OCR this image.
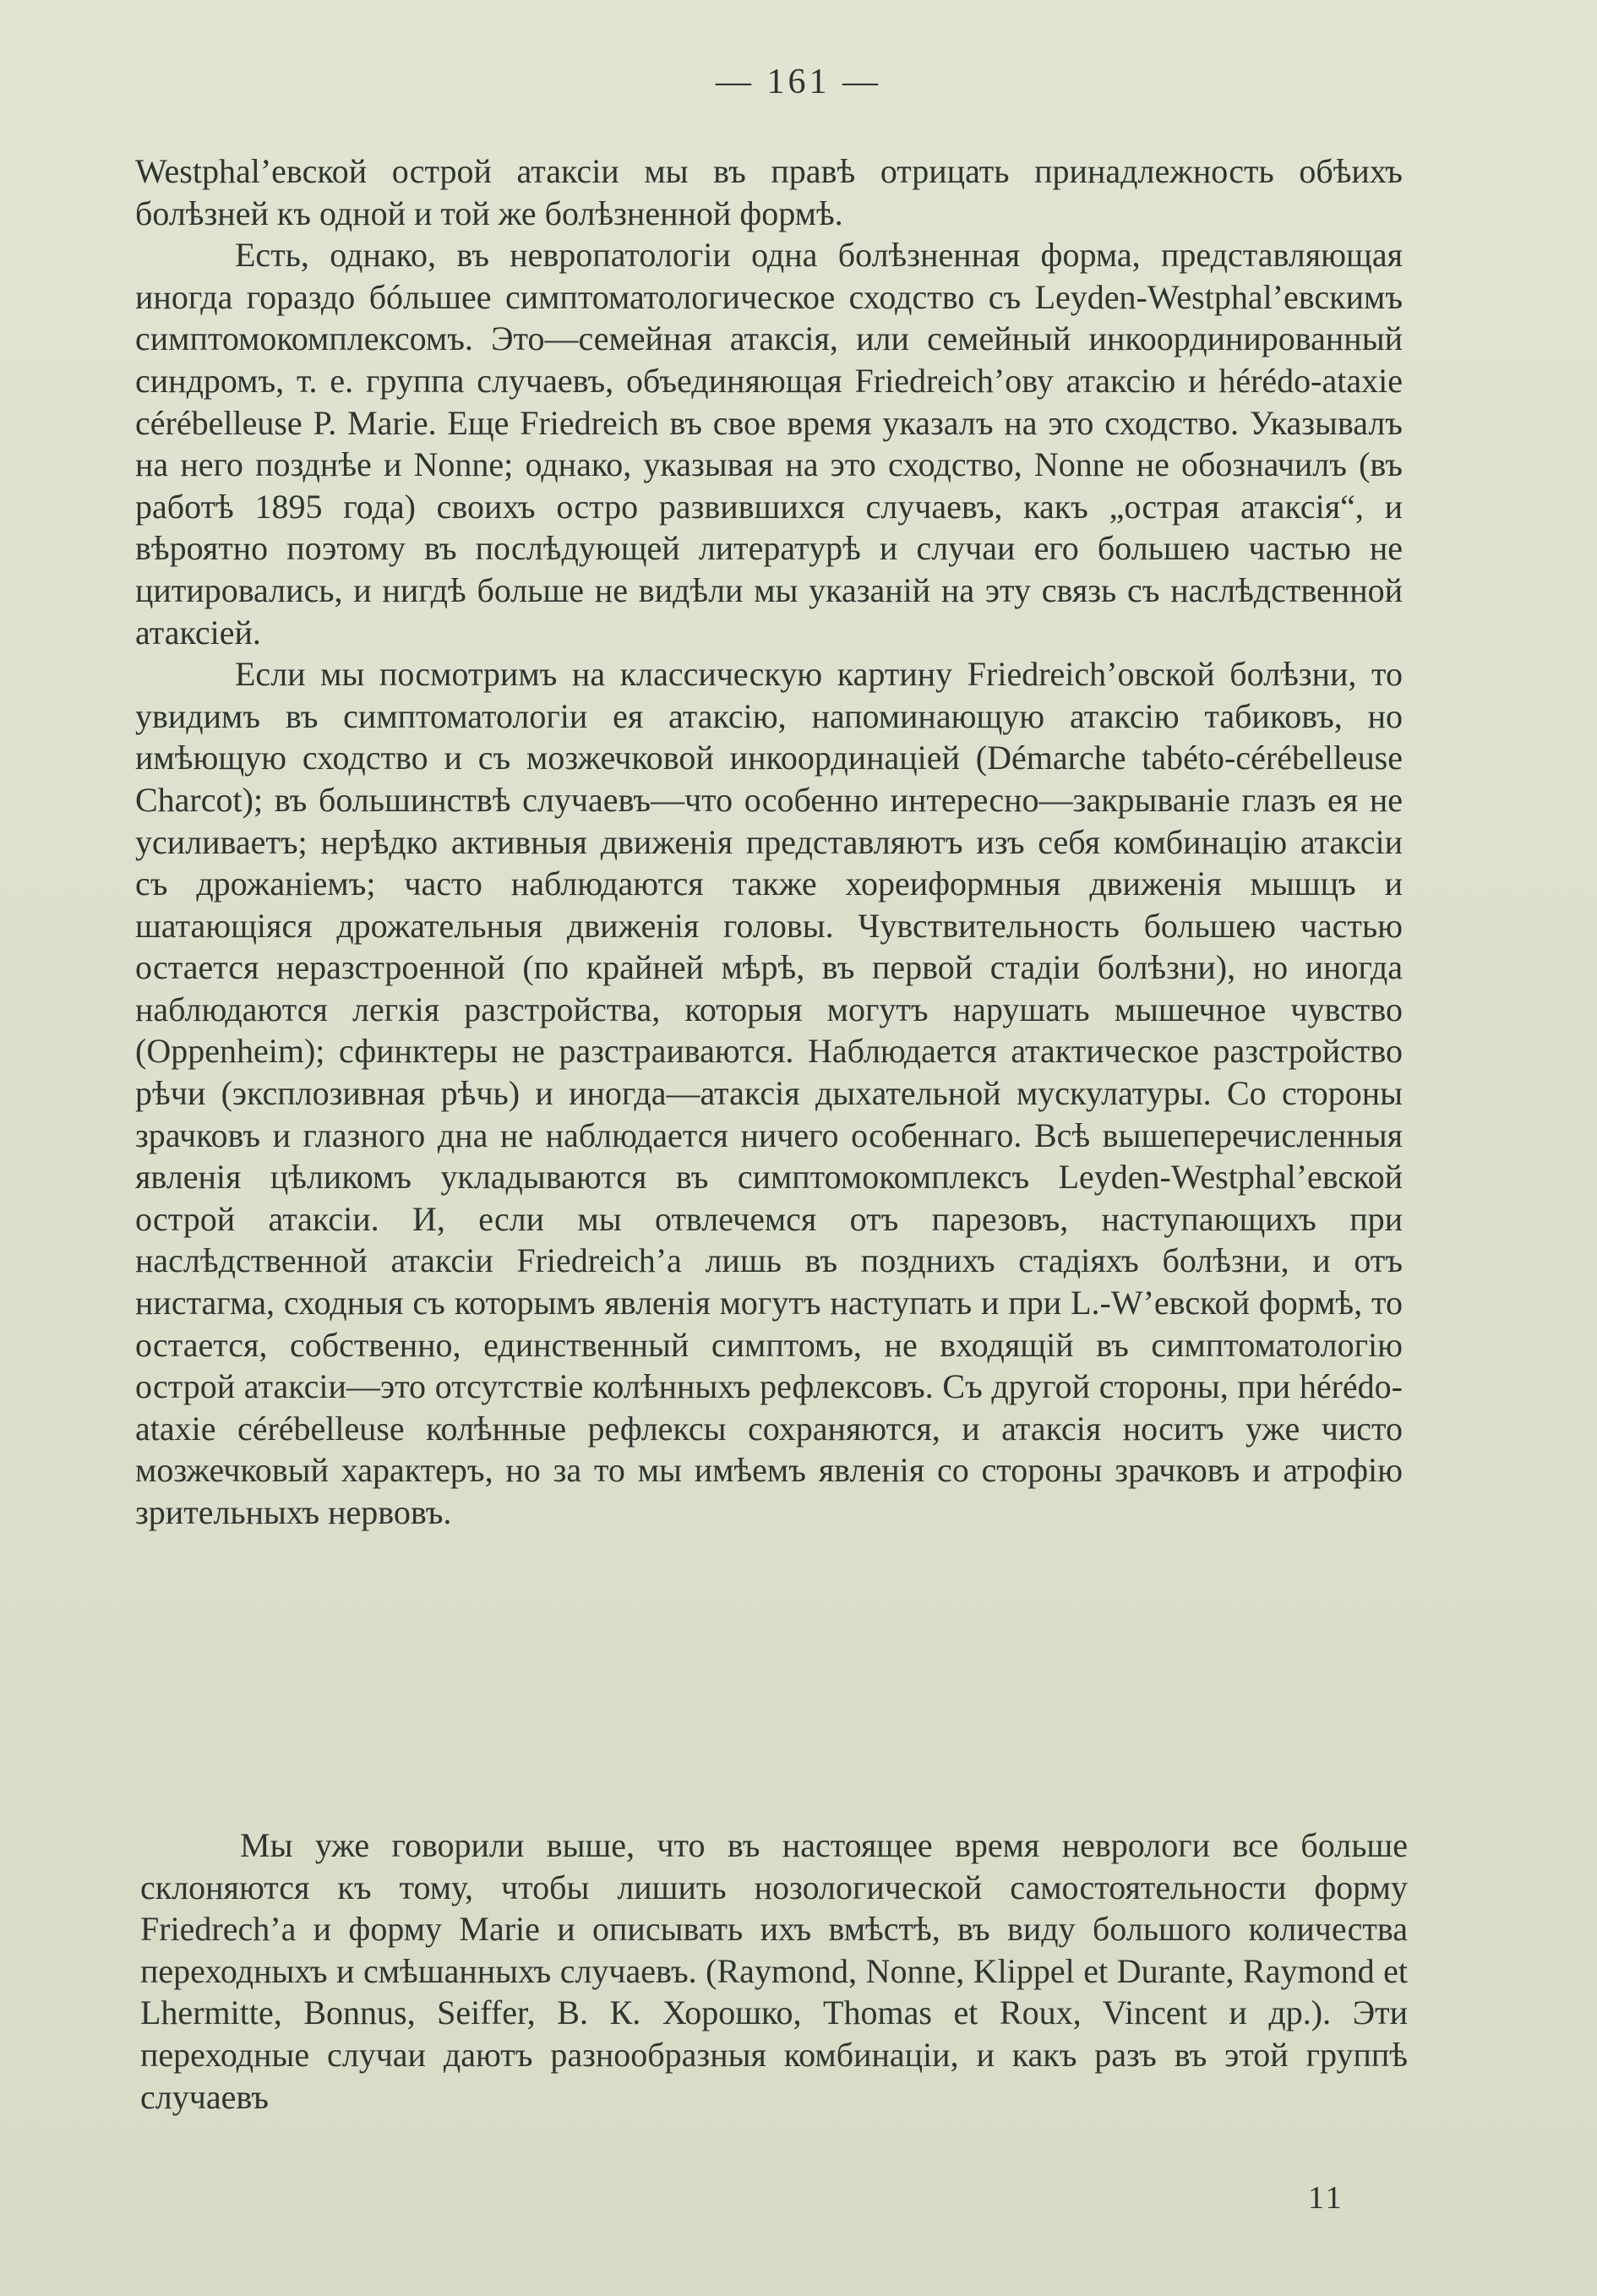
— 161 —

Westphal’евской острой атаксіи мы въ правѣ отрицать принадлежность обѣихъ болѣзней къ одной и той же болѣзненной формѣ.

Есть, однако, въ невропатологіи одна болѣзненная форма, представляющая иногда гораздо бóльшее симптоматологическое сходство съ Leyden-Westphal’евскимъ симптомокомплексомъ. Это—семейная атаксія, или семейный инкоординированный синдромъ, т. е. группа случаевъ, объединяющая Friedreich’ову атаксію и hérédo-ataxie cérébelleuse P. Marie. Еще Friedreich въ свое время указалъ на это сходство. Указывалъ на него позднѣе и Nonne; однако, указывая на это сходство, Nonne не обозначилъ (въ работѣ 1895 года) своихъ остро развившихся случаевъ, какъ „острая атаксія“, и вѣроятно поэтому въ послѣдующей литературѣ и случаи его большею частью не цитировались, и нигдѣ больше не видѣли мы указаній на эту связь съ наслѣдственной атаксіей.

Если мы посмотримъ на классическую картину Friedreich’овской болѣзни, то увидимъ въ симптоматологіи ея атаксію, напоминающую атаксію табиковъ, но имѣющую сходство и съ мозжечковой инкоординаціей (Démarche tabéto-cérébelleuse Charcot); въ большинствѣ случаевъ—что особенно интересно—закрываніе глазъ ея не усиливаетъ; нерѣдко активныя движенія представляютъ изъ себя комбинацію атаксіи съ дрожаніемъ; часто наблюдаются также хореиформныя движенія мышцъ и шатающіяся дрожательныя движенія головы. Чувствительность большею частью остается неразстроенной (по крайней мѣрѣ, въ первой стадіи болѣзни), но иногда наблюдаются легкія разстройства, которыя могутъ нарушать мышечное чувство (Oppenheim); сфинктеры не разстраиваются. Наблюдается атактическое разстройство рѣчи (эксплозивная рѣчь) и иногда—атаксія дыхательной мускулатуры. Со стороны зрачковъ и глазного дна не наблюдается ничего особеннаго. Всѣ вышеперечисленныя явленія цѣликомъ укладываются въ симптомокомплексъ Leyden-Westphal’евской острой атаксіи. И, если мы отвлечемся отъ парезовъ, наступающихъ при наслѣдственной атаксіи Friedreich’а лишь въ позднихъ стадіяхъ болѣзни, и отъ нистагма, сходныя съ которымъ явленія могутъ наступать и при L.-W’евской формѣ, то остается, собственно, единственный симптомъ, не входящій въ симптоматологію острой атаксіи—это отсутствіе колѣнныхъ рефлексовъ. Съ другой стороны, при hérédo-ataxie cérébelleuse колѣнные рефлексы сохраняются, и атаксія носитъ уже чисто мозжечковый характеръ, но за то мы имѣемъ явленія со стороны зрачковъ и атрофію зрительныхъ нервовъ.

Мы уже говорили выше, что въ настоящее время неврологи все больше склоняются къ тому, чтобы лишить нозологической самостоятельности форму Friedrech’а и форму Marie и описывать ихъ вмѣстѣ, въ виду большого количества переходныхъ и смѣшанныхъ случаевъ. (Raymond, Nonne, Klippel et Durante, Raymond et Lhermitte, Bonnus, Seiffer, В. К. Хорошко, Thomas et Roux, Vincent и др.). Эти переходные случаи даютъ разнообразныя комбинаціи, и какъ разъ въ этой группѣ случаевъ

11
